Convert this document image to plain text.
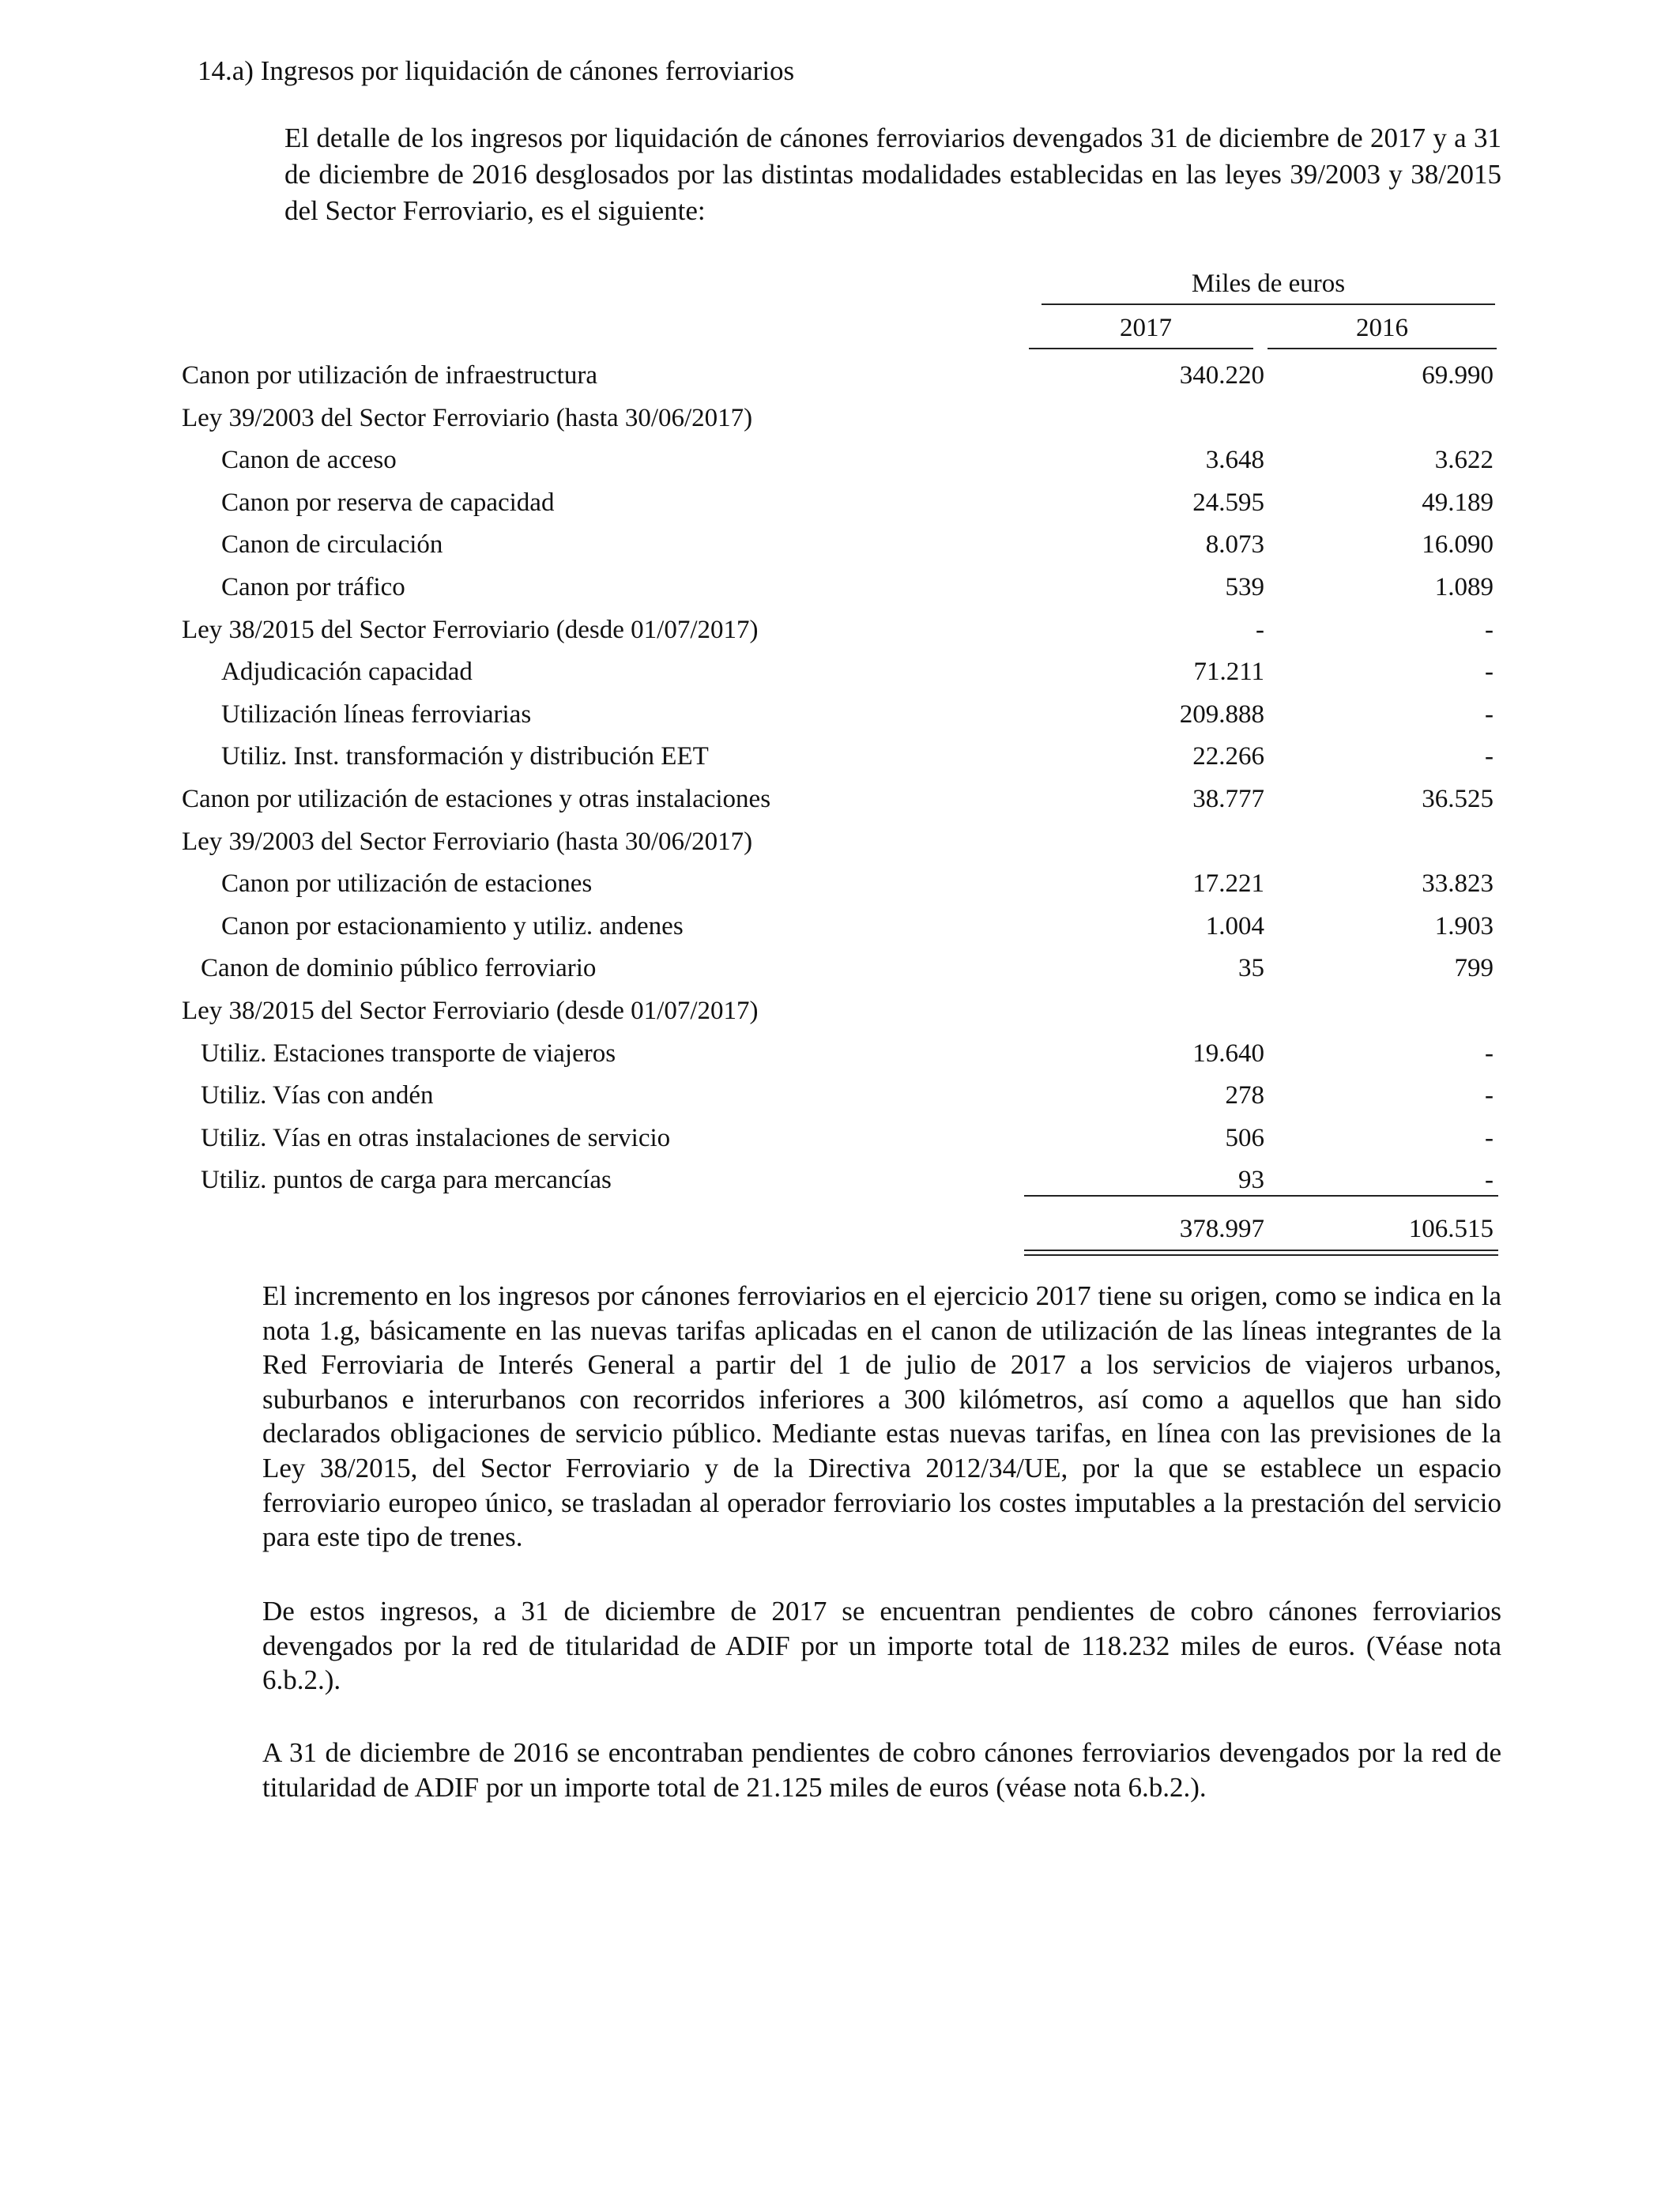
14.a) Ingresos por liquidación de cánones ferroviarios
El detalle de los ingresos por liquidación de cánones ferroviarios devengados 31 de diciembre de 2017 y a 31 de diciembre de 2016 desglosados por las distintas modalidades establecidas en las leyes 39/2003 y 38/2015 del Sector Ferroviario, es el siguiente:
Miles de euros
2017	2016
Canon por utilización de infraestructura	340.220	69.990
Ley 39/2003 del Sector Ferroviario (hasta 30/06/2017)
Canon de acceso	3.648	3.622
Canon por reserva de capacidad	24.595	49.189
Canon de circulación	8.073	16.090
Canon por tráfico	539	1.089
Ley 38/2015 del Sector Ferroviario (desde 01/07/2017)	-	-
Adjudicación capacidad	71.211	-
Utilización líneas ferroviarias	209.888	-
Utiliz. Inst. transformación y distribución EET	22.266	-
Canon por utilización de estaciones y otras instalaciones	38.777	36.525
Ley 39/2003 del Sector Ferroviario (hasta 30/06/2017)
Canon por utilización de estaciones	17.221	33.823
Canon por estacionamiento y utiliz. andenes	1.004	1.903
Canon de dominio público ferroviario	35	799
Ley 38/2015 del Sector Ferroviario (desde 01/07/2017)
Utiliz. Estaciones transporte de viajeros	19.640	-
Utiliz. Vías con andén	278	-
Utiliz. Vías en otras instalaciones de servicio	506	-
Utiliz. puntos de carga para mercancías	93	-
378.997	106.515
El incremento en los ingresos por cánones ferroviarios en el ejercicio 2017 tiene su origen, como se indica en la nota 1.g, básicamente en las nuevas tarifas aplicadas en el canon de utilización de las líneas integrantes de la Red Ferroviaria de Interés General a partir del 1 de julio de 2017 a los servicios de viajeros urbanos, suburbanos e interurbanos con recorridos inferiores a 300 kilómetros, así como a aquellos que han sido declarados obligaciones de servicio público. Mediante estas nuevas tarifas, en línea con las previsiones de la Ley 38/2015, del Sector Ferroviario y de la Directiva 2012/34/UE, por la que se establece un espacio ferroviario europeo único, se trasladan al operador ferroviario los costes imputables a la prestación del servicio para este tipo de trenes.
De estos ingresos, a 31 de diciembre de 2017 se encuentran pendientes de cobro cánones ferroviarios devengados por la red de titularidad de ADIF por un importe total de 118.232 miles de euros. (Véase nota 6.b.2.).
A 31 de diciembre de 2016 se encontraban pendientes de cobro cánones ferroviarios devengados por la red de titularidad de ADIF por un importe total de 21.125 miles de euros (véase nota 6.b.2.).
